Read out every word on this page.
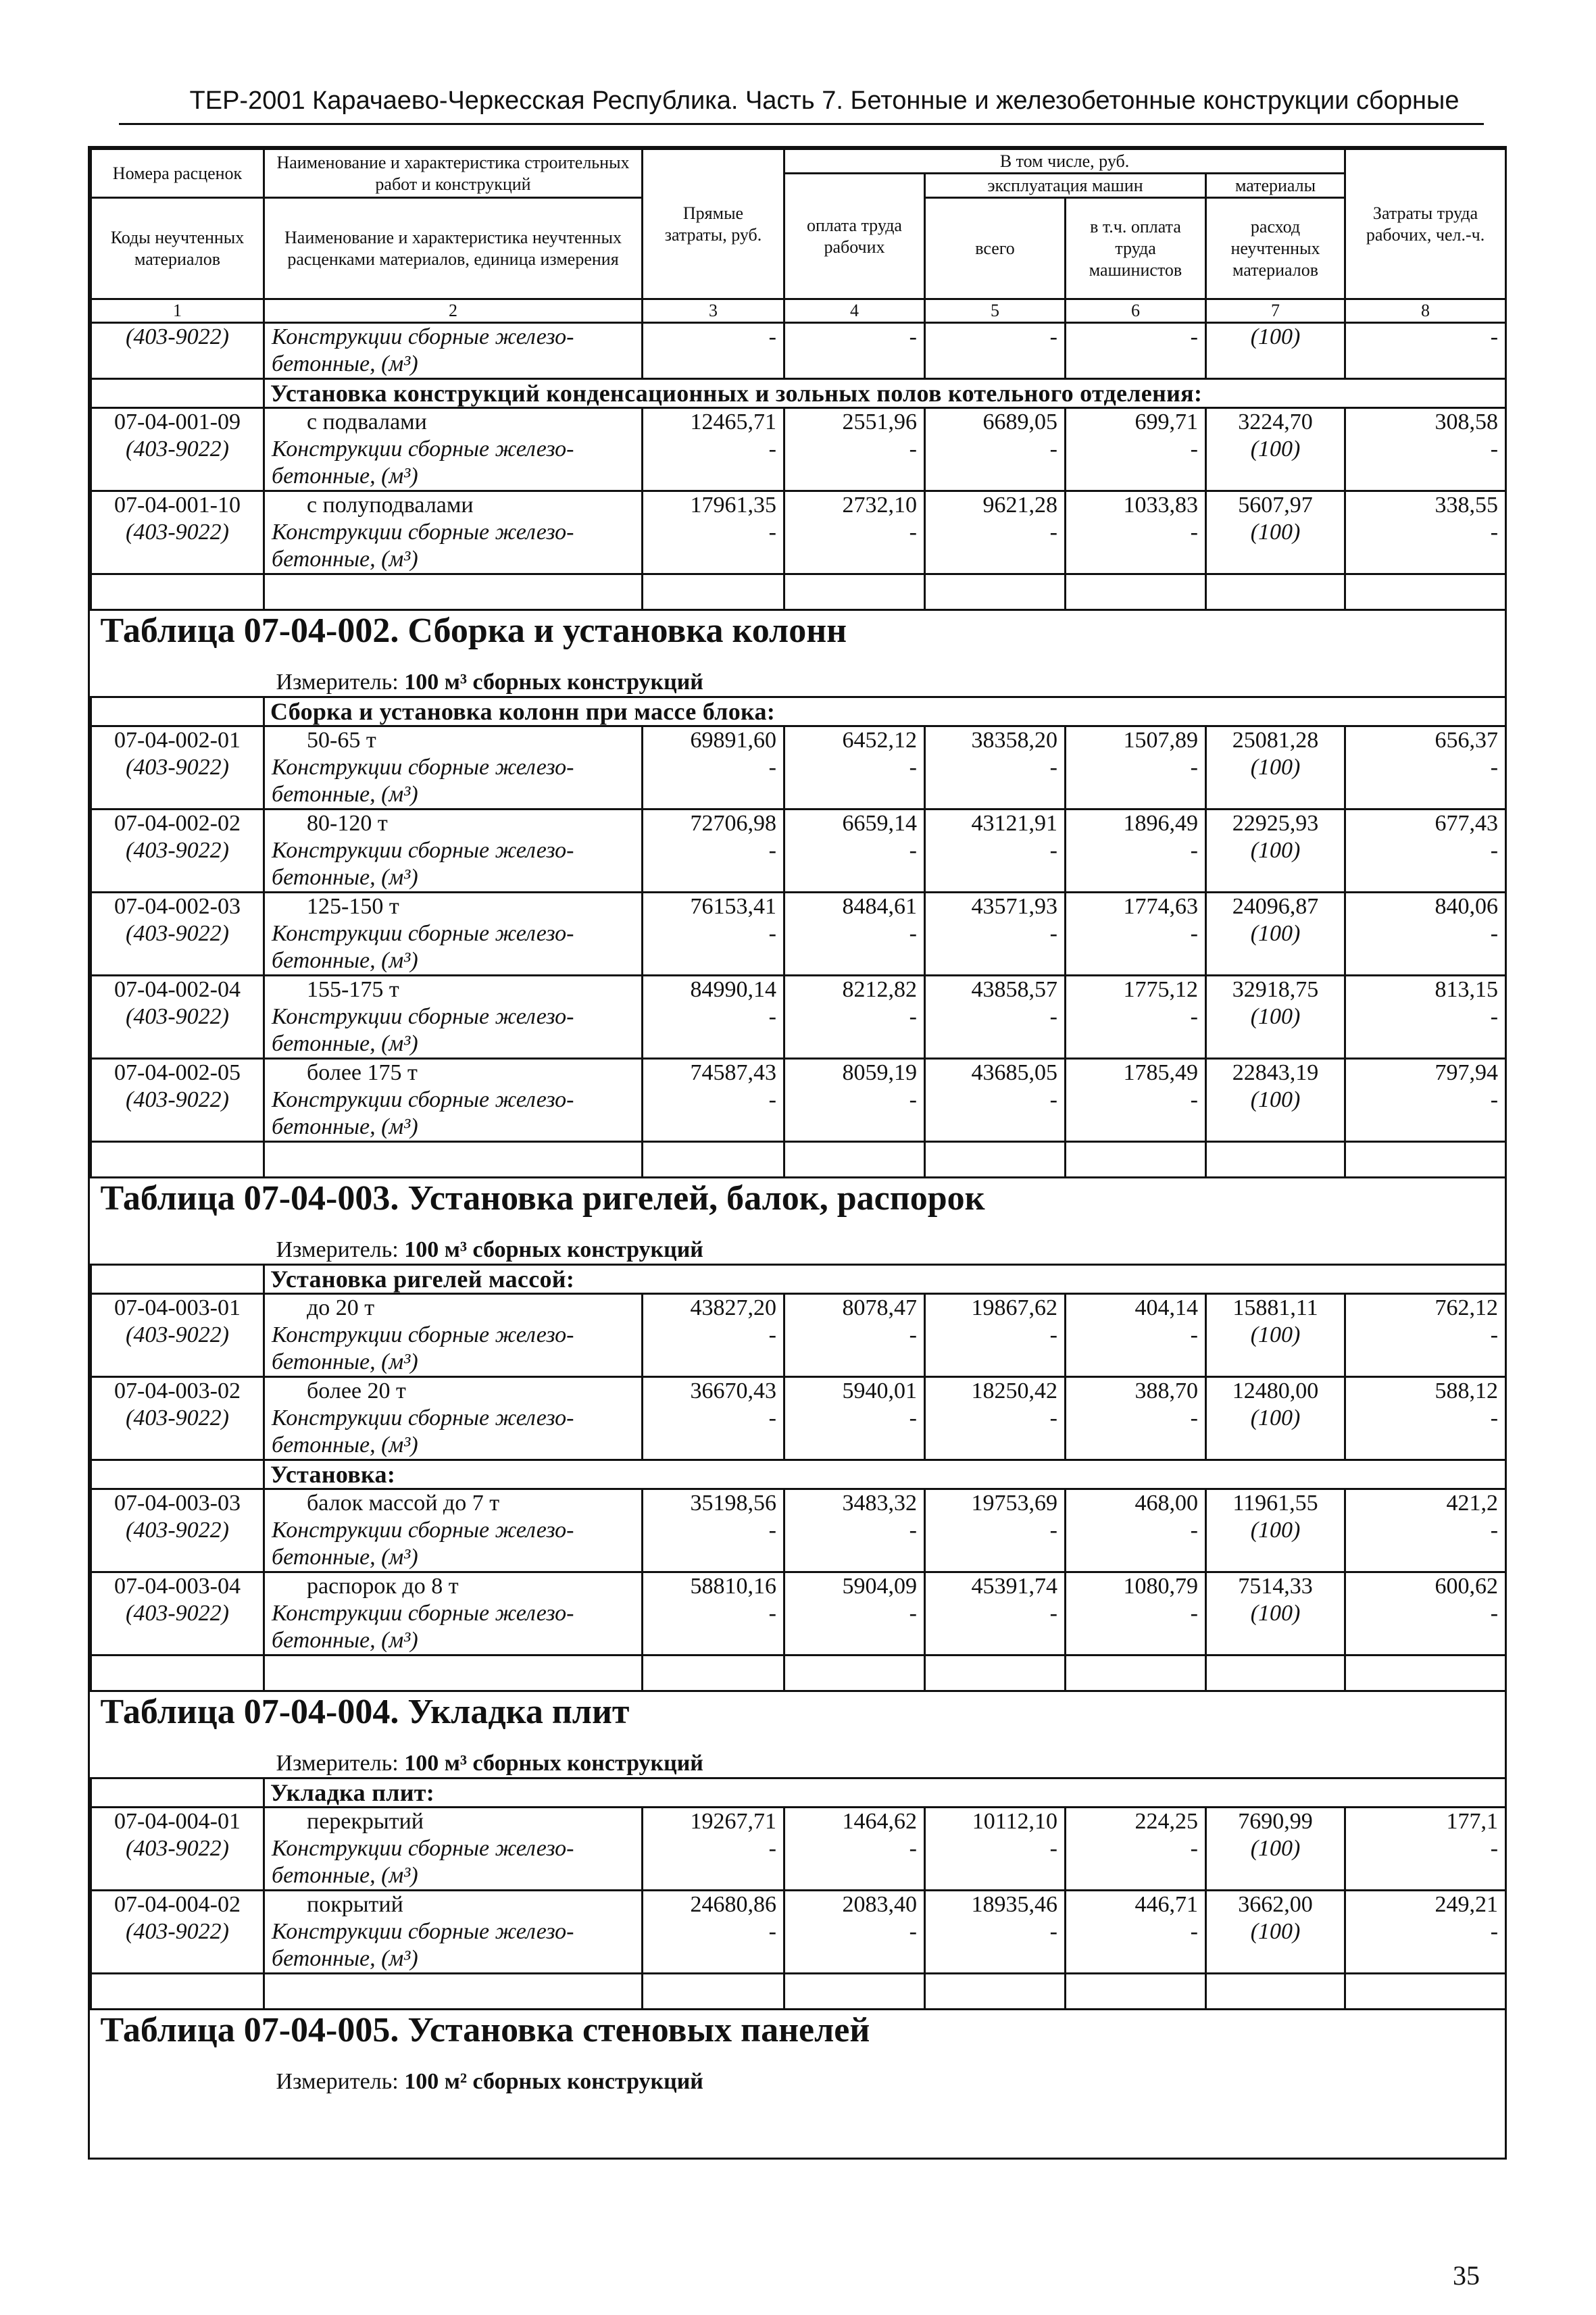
ТЕР-2001 Карачаево-Черкесская Республика. Часть 7. Бетонные и железобетонные конструкции сборные
Номера расценок	Наименование и характеристика строительных работ и конструкций	Прямые затраты, руб.	В том числе, руб.				Затраты труда рабочих, чел.-ч.
			оплата труда рабочих	эксплуатация машин		материалы	
Коды неучтенных материалов	Наименование и характеристика неучтенных расценками материалов, единица измерения			всего	в т.ч. оплата труда машинистов	расход неучтенных материалов	

1	2	3	4	5	6	7	8
(403-9022)	Конструкции сборные железо-	-	-	-	-	(100)	-
	бетонные, (м³)						
	Установка конструкций конденсационных и зольных полов котельного отделения:						
07-04-001-09	с подвалами	12465,71	2551,96	6689,05	699,71	3224,70	308,58
(403-9022)	Конструкции сборные железо-	-	-	-	-	(100)	-
	бетонные, (м³)						
07-04-001-10	с полуподвалами	17961,35	2732,10	9621,28	1033,83	5607,97	338,55
(403-9022)	Конструкции сборные железо-	-	-	-	-	(100)	-
	бетонные, (м³)						

Таблица 07-04-002. Сборка и установка колонн
Измеритель: 100 м³ сборных конструкций							

	Сборка и установка колонн при массе блока:						
07-04-002-01	50-65 т	69891,60	6452,12	38358,20	1507,89	25081,28	656,37
(403-9022)	Конструкции сборные железо-	-	-	-	-	(100)	-
	бетонные, (м³)						
07-04-002-02	80-120 т	72706,98	6659,14	43121,91	1896,49	22925,93	677,43
(403-9022)	Конструкции сборные железо-	-	-	-	-	(100)	-
	бетонные, (м³)						
07-04-002-03	125-150 т	76153,41	8484,61	43571,93	1774,63	24096,87	840,06
(403-9022)	Конструкции сборные железо-	-	-	-	-	(100)	-
	бетонные, (м³)						
07-04-002-04	155-175 т	84990,14	8212,82	43858,57	1775,12	32918,75	813,15
(403-9022)	Конструкции сборные железо-	-	-	-	-	(100)	-
	бетонные, (м³)						
07-04-002-05	более 175 т	74587,43	8059,19	43685,05	1785,49	22843,19	797,94
(403-9022)	Конструкции сборные железо-	-	-	-	-	(100)	-
	бетонные, (м³)						

Таблица 07-04-003. Установка ригелей, балок, распорок
Измеритель: 100 м³ сборных конструкций							

	Установка ригелей массой:						
07-04-003-01	до 20 т	43827,20	8078,47	19867,62	404,14	15881,11	762,12
(403-9022)	Конструкции сборные железо-	-	-	-	-	(100)	-
	бетонные, (м³)						
07-04-003-02	более 20 т	36670,43	5940,01	18250,42	388,70	12480,00	588,12
(403-9022)	Конструкции сборные железо-	-	-	-	-	(100)	-
	бетонные, (м³)						
	Установка:						
07-04-003-03	балок массой до 7 т	35198,56	3483,32	19753,69	468,00	11961,55	421,2
(403-9022)	Конструкции сборные железо-	-	-	-	-	(100)	-
	бетонные, (м³)						
07-04-003-04	распорок до 8 т	58810,16	5904,09	45391,74	1080,79	7514,33	600,62
(403-9022)	Конструкции сборные железо-	-	-	-	-	(100)	-
	бетонные, (м³)						

Таблица 07-04-004. Укладка плит
Измеритель: 100 м³ сборных конструкций							

	Укладка плит:						
07-04-004-01	перекрытий	19267,71	1464,62	10112,10	224,25	7690,99	177,1
(403-9022)	Конструкции сборные железо-	-	-	-	-	(100)	-
	бетонные, (м³)						
07-04-004-02	покрытий	24680,86	2083,40	18935,46	446,71	3662,00	249,21
(403-9022)	Конструкции сборные железо-	-	-	-	-	(100)	-
	бетонные, (м³)						

Таблица 07-04-005. Установка стеновых панелей
Измеритель: 100 м² сборных конструкций							
35
